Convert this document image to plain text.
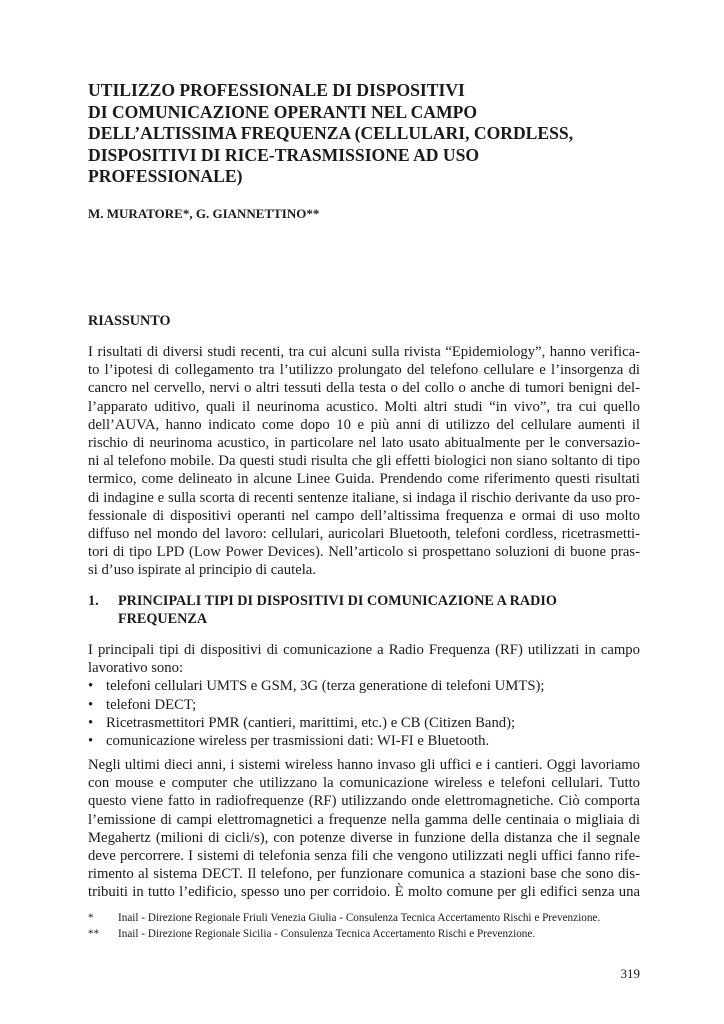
UTILIZZO PROFESSIONALE DI DISPOSITIVI
DI COMUNICAZIONE OPERANTI NEL CAMPO
DELL’ALTISSIMA FREQUENZA (CELLULARI, CORDLESS,
DISPOSITIVI DI RICE-TRASMISSIONE AD USO
PROFESSIONALE)

M. MURATORE*, G. GIANNETTINO**

RIASSUNTO
I risultati di diversi studi recenti, tra cui alcuni sulla rivista “Epidemiology”, hanno verifica-
to l’ipotesi di collegamento tra l’utilizzo prolungato del telefono cellulare e l’insorgenza di
cancro nel cervello, nervi o altri tessuti della testa o del collo o anche di tumori benigni del-
l’apparato uditivo, quali il neurinoma acustico. Molti altri studi “in vivo”, tra cui quello
dell’AUVA, hanno indicato come dopo 10 e più anni di utilizzo del cellulare aumenti il
rischio di neurinoma acustico, in particolare nel lato usato abitualmente per le conversazio-
ni al telefono mobile. Da questi studi risulta che gli effetti biologici non siano soltanto di tipo
termico, come delineato in alcune Linee Guida. Prendendo come riferimento questi risultati
di indagine e sulla scorta di recenti sentenze italiane, si indaga il rischio derivante da uso pro-
fessionale di dispositivi operanti nel campo dell’altissima frequenza e ormai di uso molto
diffuso nel mondo del lavoro: cellulari, auricolari Bluetooth, telefoni cordless, ricetrasmetti-
tori di tipo LPD (Low Power Devices). Nell’articolo si prospettano soluzioni di buone pras-
si d’uso ispirate al principio di cautela.
1. PRINCIPALI TIPI DI DISPOSITIVI DI COMUNICAZIONE A RADIO
FREQUENZA
I principali tipi di dispositivi di comunicazione a Radio Frequenza (RF) utilizzati in campo
lavorativo sono:
• telefoni cellulari UMTS e GSM, 3G (terza generatione di telefoni UMTS);
• telefoni DECT;
• Ricetrasmettitori PMR (cantieri, marittimi, etc.) e CB (Citizen Band);
• comunicazione wireless per trasmissioni dati: WI-FI e Bluetooth.
Negli ultimi dieci anni, i sistemi wireless hanno invaso gli uffici e i cantieri. Oggi lavoriamo
con mouse e computer che utilizzano la comunicazione wireless e telefoni cellulari. Tutto
questo viene fatto in radiofrequenze (RF) utilizzando onde elettromagnetiche. Ciò comporta
l’emissione di campi elettromagnetici a frequenze nella gamma delle centinaia o migliaia di
Megahertz (milioni di cicli/s), con potenze diverse in funzione della distanza che il segnale
deve percorrere. I sistemi di telefonia senza fili che vengono utilizzati negli uffici fanno rife-
rimento al sistema DECT. Il telefono, per funzionare comunica a stazioni base che sono dis-
tribuiti in tutto l’edificio, spesso uno per corridoio. È molto comune per gli edifici senza una
* Inail - Direzione Regionale Friuli Venezia Giulia - Consulenza Tecnica Accertamento Rischi e Prevenzione.
** Inail - Direzione Regionale Sicilia - Consulenza Tecnica Accertamento Rischi e Prevenzione.

319
